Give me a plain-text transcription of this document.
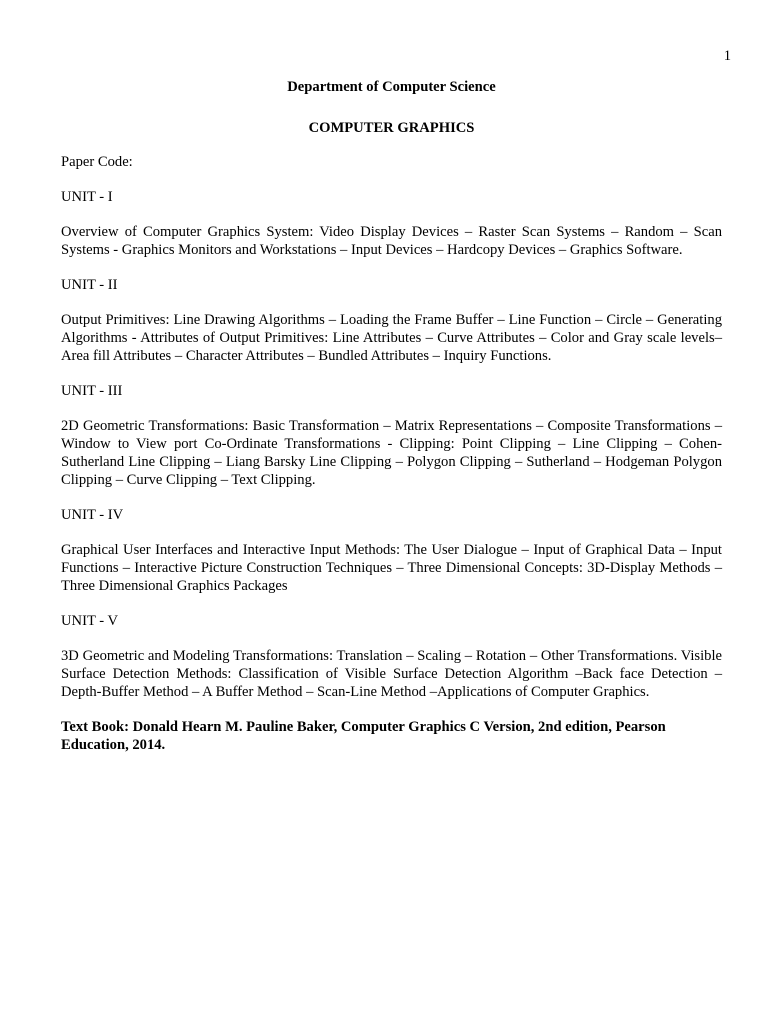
1

Department of Computer Science

COMPUTER GRAPHICS

Paper Code:

UNIT - I

Overview of Computer Graphics System: Video Display Devices – Raster Scan Systems – Random – Scan Systems - Graphics Monitors and Workstations – Input Devices – Hardcopy Devices – Graphics Software.

UNIT - II

Output Primitives: Line Drawing Algorithms – Loading the Frame Buffer – Line Function – Circle – Generating Algorithms - Attributes of Output Primitives: Line Attributes – Curve Attributes – Color and Gray scale levels– Area fill Attributes – Character Attributes – Bundled Attributes – Inquiry Functions.

UNIT - III

2D Geometric Transformations: Basic Transformation – Matrix Representations – Composite Transformations – Window to View port Co-Ordinate Transformations - Clipping: Point Clipping – Line Clipping – Cohen-Sutherland Line Clipping – Liang Barsky Line Clipping – Polygon Clipping – Sutherland – Hodgeman Polygon Clipping – Curve Clipping – Text Clipping.

UNIT - IV

Graphical User Interfaces and Interactive Input Methods: The User Dialogue – Input of Graphical Data – Input Functions – Interactive Picture Construction Techniques – Three Dimensional Concepts: 3D-Display Methods – Three Dimensional Graphics Packages

UNIT - V

3D Geometric and Modeling Transformations: Translation – Scaling – Rotation – Other Transformations. Visible Surface Detection Methods: Classification of Visible Surface Detection Algorithm –Back face Detection – Depth-Buffer Method – A Buffer Method – Scan-Line Method –Applications of Computer Graphics.

Text Book: Donald Hearn M. Pauline Baker, Computer Graphics C Version, 2nd edition, Pearson Education, 2014.
